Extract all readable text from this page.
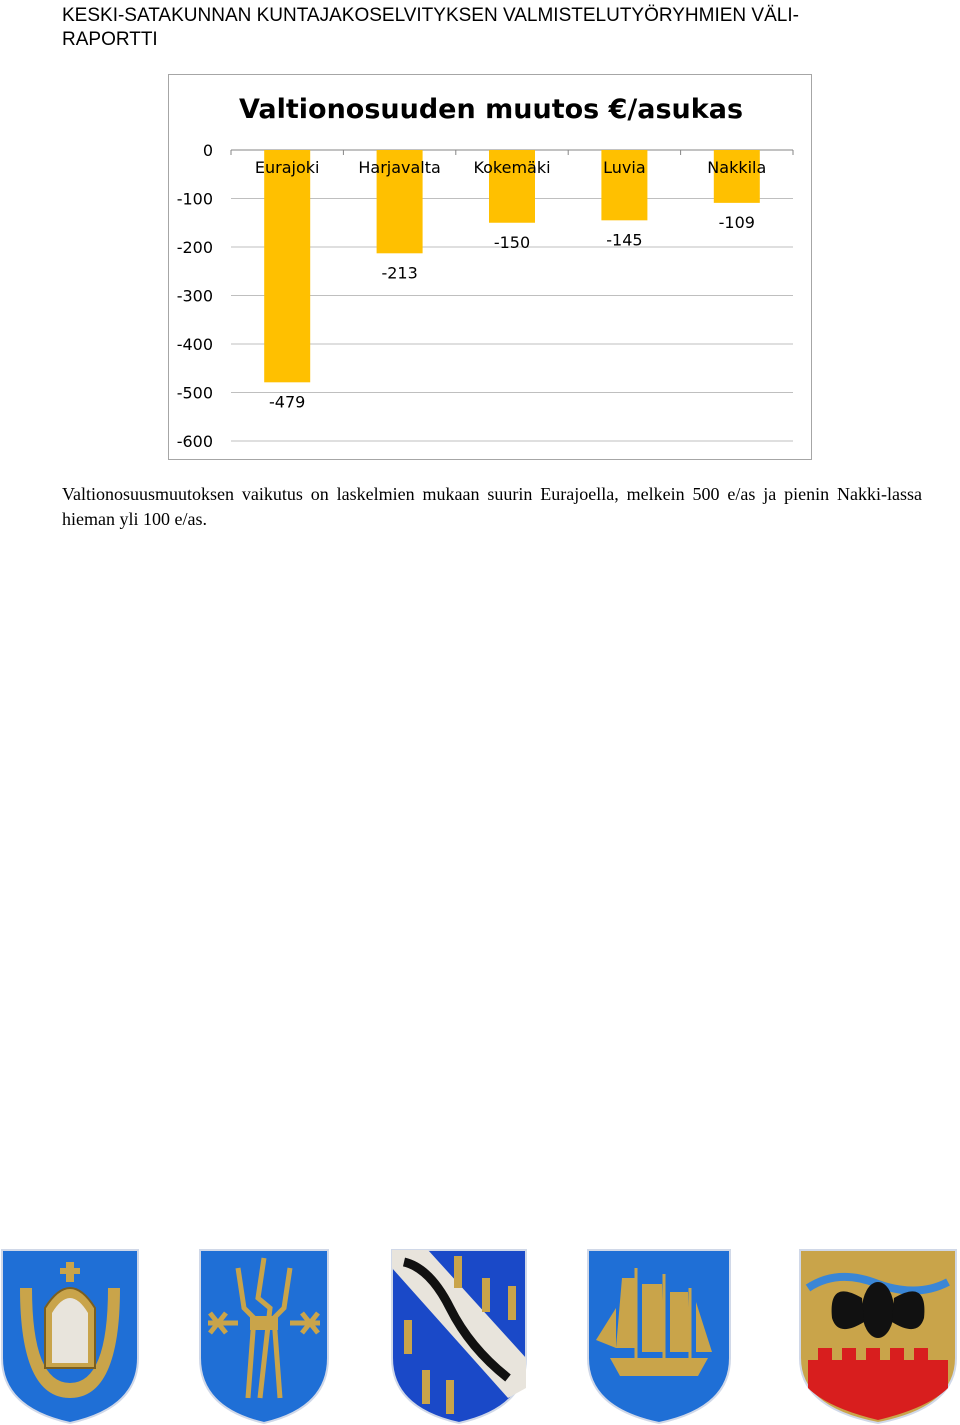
KESKI-SATAKUNNAN KUNTAJAKOSELVITYKSEN VALMISTELUTYÖRYHMIEN VÄLI-
RAPORTTI
Valtionosuuden muutos €/asukas
0
-100
-200
-300
-400
-500
-600
-479
-213
-150	-145
-109
Eurajoki Harjavalta Kokemäki	Luvia	Nakkila
Valtionosuusmuutoksen vaikutus on laskelmien mukaan suurin Eurajoella, melkein 500 e/as ja pienin Nakki-lassa hieman yli 100 e/as.
